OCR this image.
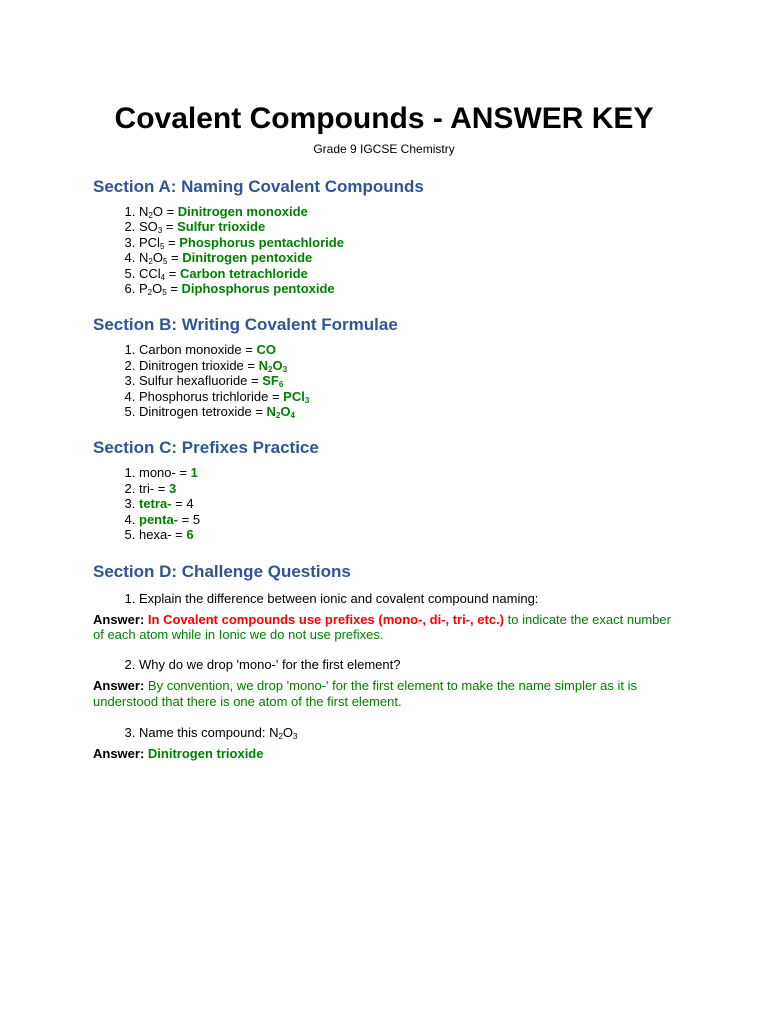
Covalent Compounds - ANSWER KEY
Grade 9 IGCSE Chemistry
Section A: Naming Covalent Compounds
1. $N_2O$ = Dinitrogen monoxide
2. $SO_3$ = Sulfur trioxide
3. PCl$_5$ = Phosphorus pentachloride
4. $N_2O_5$ = Dinitrogen pentoxide
5. CCl$_4$ = Carbon tetrachloride
6. $P_2O_5$ = Diphosphorus pentoxide
Section B: Writing Covalent Formulae
1. Carbon monoxide = CO
2. Dinitrogen trioxide = $N_2O_3$
3. Sulfur hexafluoride = $SF_6$
4. Phosphorus trichloride = PCl$_3$
5. Dinitrogen tetroxide = $N_2O_4$
Section C: Prefixes Practice
1. mono- = 1
2. tri- = 3
3. tetra- = 4
4. penta- = 5
5. hexa- = 6
Section D: Challenge Questions
1. Explain the difference between ionic and covalent compound naming:
Answer: In Covalent compounds use prefixes (mono-, di-, tri-, etc.) to indicate the exact number of each atom while in Ionic we do not use prefixes.
2. Why do we drop 'mono-' for the first element?
Answer: By convention, we drop 'mono-' for the first element to make the name simpler as it is understood that there is one atom of the first element.
3. Name this compound: $N_2O_3$
Answer: Dinitrogen trioxide
